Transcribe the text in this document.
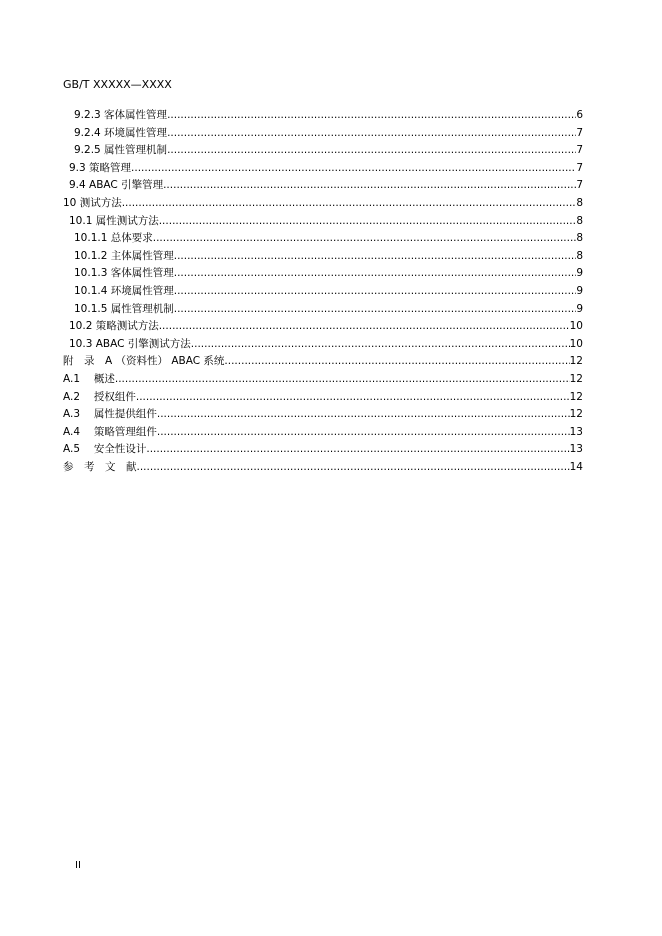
GB/T XXXXX—XXXX
9.2.3 客体属性管理 .....	6
9.2.4 环境属性管理 .....	7
9.2.5 属性管理机制 .....	7
9.3 策略管理 .....	7
9.4 ABAC 引擎管理 .....	7
10 测试方法 .....	8
10.1 属性测试方法 .....	8
10.1.1 总体要求 .....	8
10.1.2 主体属性管理 .....	8
10.1.3 客体属性管理 .....	9
10.1.4 环境属性管理 .....	9
10.1.5 属性管理机制 .....	9
10.2 策略测试方法 .....	10
10.3 ABAC 引擎测试方法 .....	10
附　录　A （资料性） ABAC 系统 .....	12
A.1　 概述 .....	12
A.2　 授权组件 .....	12
A.3　 属性提供组件 .....	12
A.4　 策略管理组件 .....	13
A.5　 安全性设计 .....	13
参　考　文　献 .....	14
II
